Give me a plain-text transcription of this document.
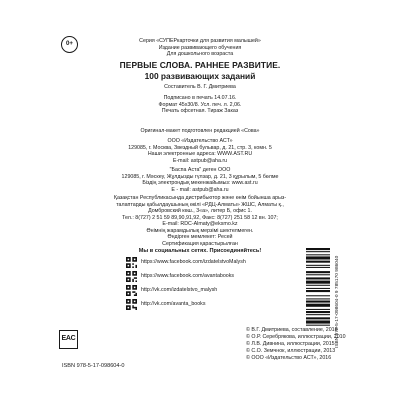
Серия «СУПЕРкарточки для развития малышей»
Издание развивающего обучения
Для дошкольного возраста
0+
ПЕРВЫЕ СЛОВА. РАННЕЕ РАЗВИТИЕ.
100 развивающих заданий
Составитель В. Г. Дмитриева
Подписано в печать 14.07.16.
Формат 45x30/8. Усл. печ. л. 2,06.
Печать офсетная. Тираж Заказ
Оригинал-макет подготовлен редакцией «Сова»
ООО «Издательство АСТ»
129085, г. Москва, Звездный бульвар, д. 21, стр. 3, комн. 5
Наши электронные адреса: WWW.AST.RU
E-mail: astpub@aha.ru
"Баспа Аста" деген ООО
129085, г. Мәскеу, Жұлдызды гүлзар, д. 21, 3 құрылым, 5 бөлме
Біздің электрондық мекенжайымыз: www.ast.ru
E - mail: astpub@aha.ru
Қазақстан Республикасында дистрибьютор және өнім бойынша арыз-
талаптарды қабылдаушының өкілі «РДЦ-Алматы» ЖШС, Алматы қ.,
Домбровский көш., 3«а», литер Б, офис 1.
Тел.: 8(727) 2 51 59 89,90,91,92, Факс: 8(727) 251 58 12 вн. 107;
E-mail: RDC-Almaty@eksmo.kz
Өнімнің жарамдылық мерзімі шектелмеген.
Өндірген мемлекет: Ресей
Сертификация қарастырылған
Мы в социальных сетях. Присоединяйтесь!
https://www.facebook.com/izdatelstvoMalysh
https://www.facebook.com/avantabooks
http://vk.com/izdatelstvo_malysh
http://vk.com/avanta_books
EAC
ISBN 978-5-17-098604-0
ISBN 978-5-17-098604-0 9 785170 986040
© В.Г. Дмитриева, составление, 2016
© О.Р. Серебрякова, иллюстрации, 2010
© Л.В. Дивнина, иллюстрации, 2015
© С.О. Земчнок, иллюстрации, 2013
© ООО «Издательство АСТ», 2016
